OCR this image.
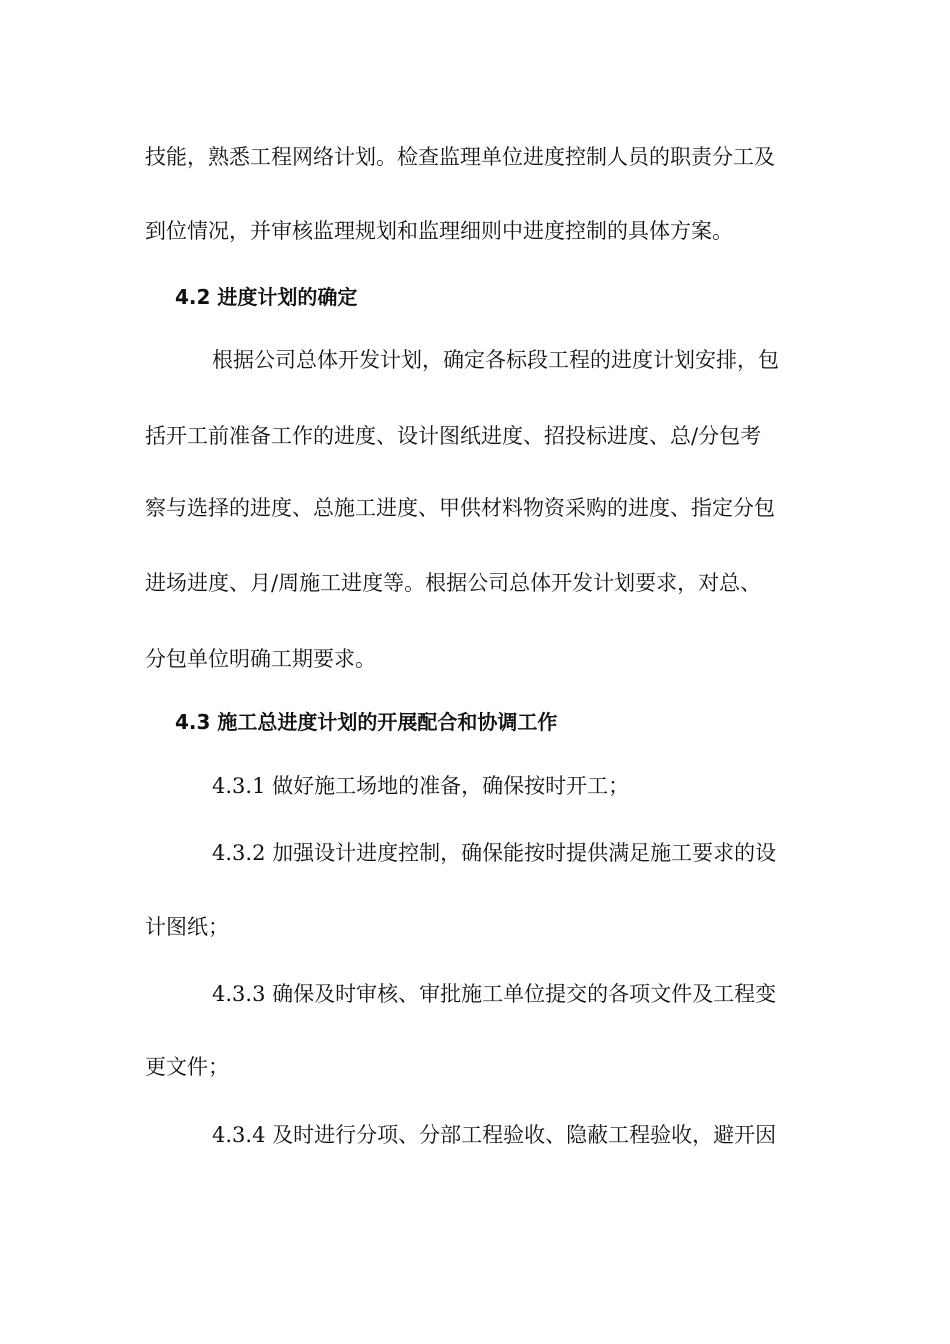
技能，熟悉工程网络计划。检查监理单位进度控制人员的职责分工及
到位情况，并审核监理规划和监理细则中进度控制的具体方案。
4.2 进度计划的确定
根据公司总体开发计划，确定各标段工程的进度计划安排，包
括开工前准备工作的进度、设计图纸进度、招投标进度、总/分包考
察与选择的进度、总施工进度、甲供材料物资采购的进度、指定分包
进场进度、月/周施工进度等。根据公司总体开发计划要求，对总、
分包单位明确工期要求。
4.3 施工总进度计划的开展配合和协调工作
4.3.1 做好施工场地的准备，确保按时开工；
4.3.2 加强设计进度控制，确保能按时提供满足施工要求的设
计图纸；
4.3.3 确保及时审核、审批施工单位提交的各项文件及工程变
更文件；
4.3.4 及时进行分项、分部工程验收、隐蔽工程验收，避开因
